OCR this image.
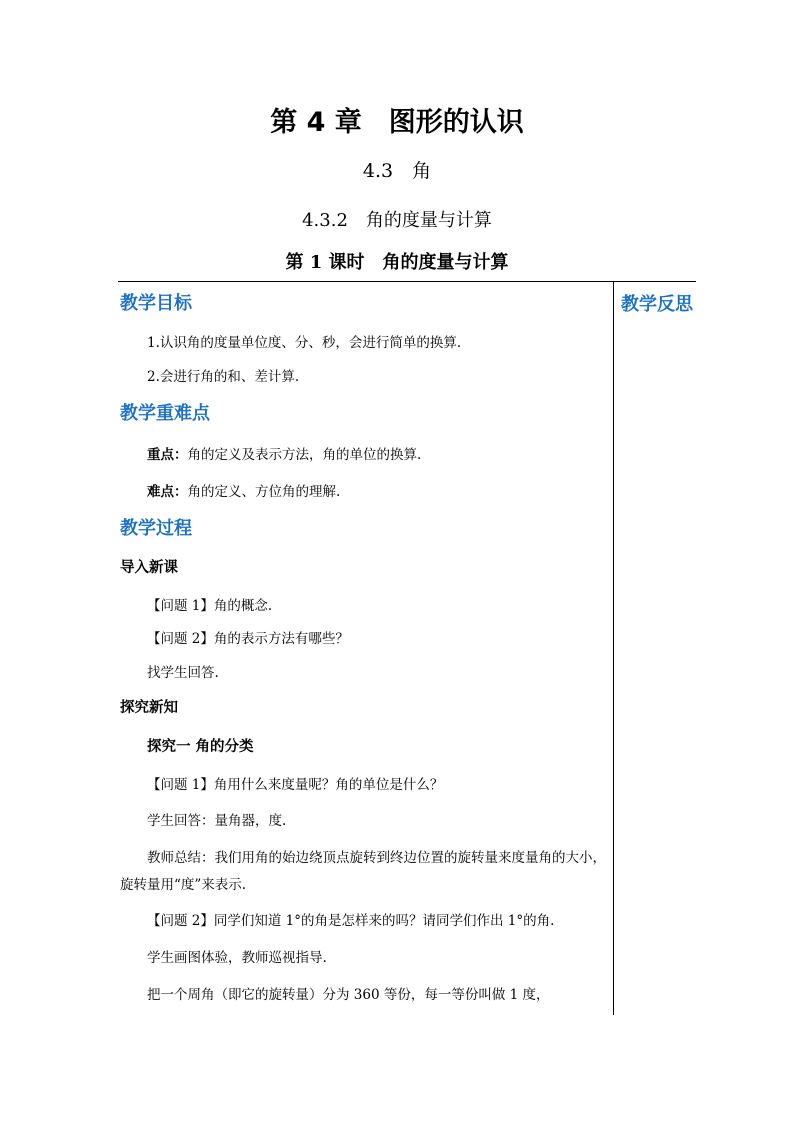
第 4 章　图形的认识
4.3　角
4.3.2　角的度量与计算
第 1 课时　角的度量与计算
教学反思
教学目标
1.认识角的度量单位度、分、秒，会进行简单的换算.
2.会进行角的和、差计算.
教学重难点
重点：角的定义及表示方法，角的单位的换算.
难点：角的定义、方位角的理解.
教学过程
导入新课
【问题 1】角的概念.
【问题 2】角的表示方法有哪些？
找学生回答.
探究新知
探究一 角的分类
【问题 1】角用什么来度量呢？角的单位是什么？
学生回答：量角器，度.
教师总结：我们用角的始边绕顶点旋转到终边位置的旋转量来度量角的大小，
旋转量用“度”来表示.
【问题 2】同学们知道 1°的角是怎样来的吗？请同学们作出 1°的角.
学生画图体验，教师巡视指导.
把一个周角（即它的旋转量）分为 360 等份，每一等份叫做 1 度，
